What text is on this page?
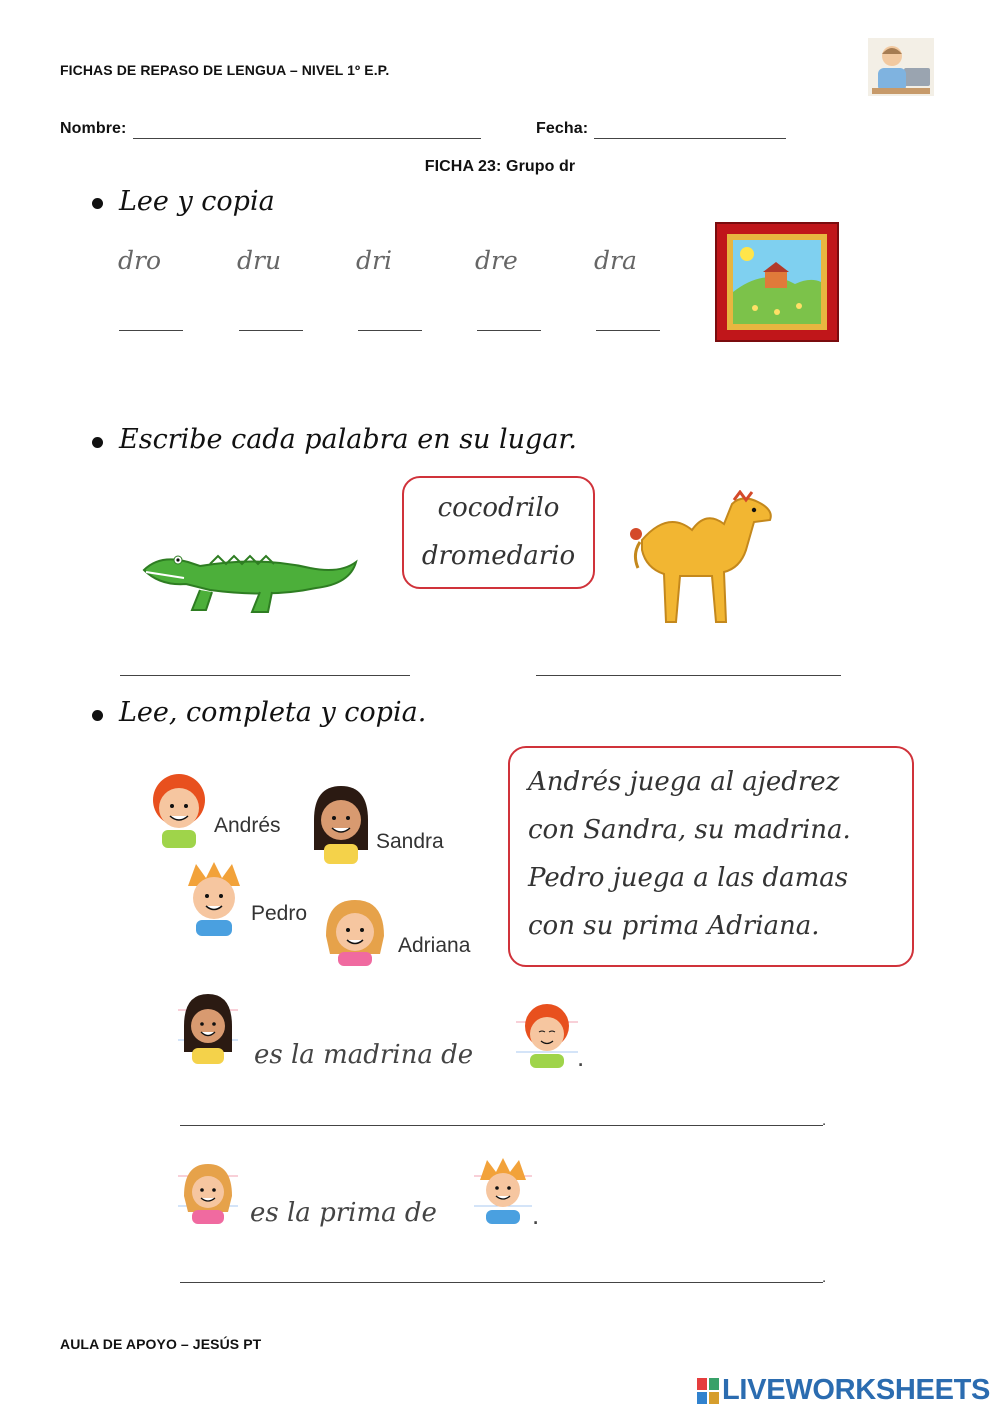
FICHAS DE REPASO DE LENGUA – NIVEL 1º E.P.
Nombre:	Fecha:
FICHA 23: Grupo dr
Lee y copia
dro	dru	dri	dre	dra
Escribe cada palabra en su lugar.
cocodrilo
dromedario
Lee, completa y copia.
Andrés
Sandra
Pedro
Adriana
Andrés juega al ajedrez
con Sandra, su madrina.
Pedro juega a las damas
con su prima Adriana.
es la madrina de	.
.
es la prima de	.
.
AULA DE APOYO – JESÚS PT
LIVEWORKSHEETS
